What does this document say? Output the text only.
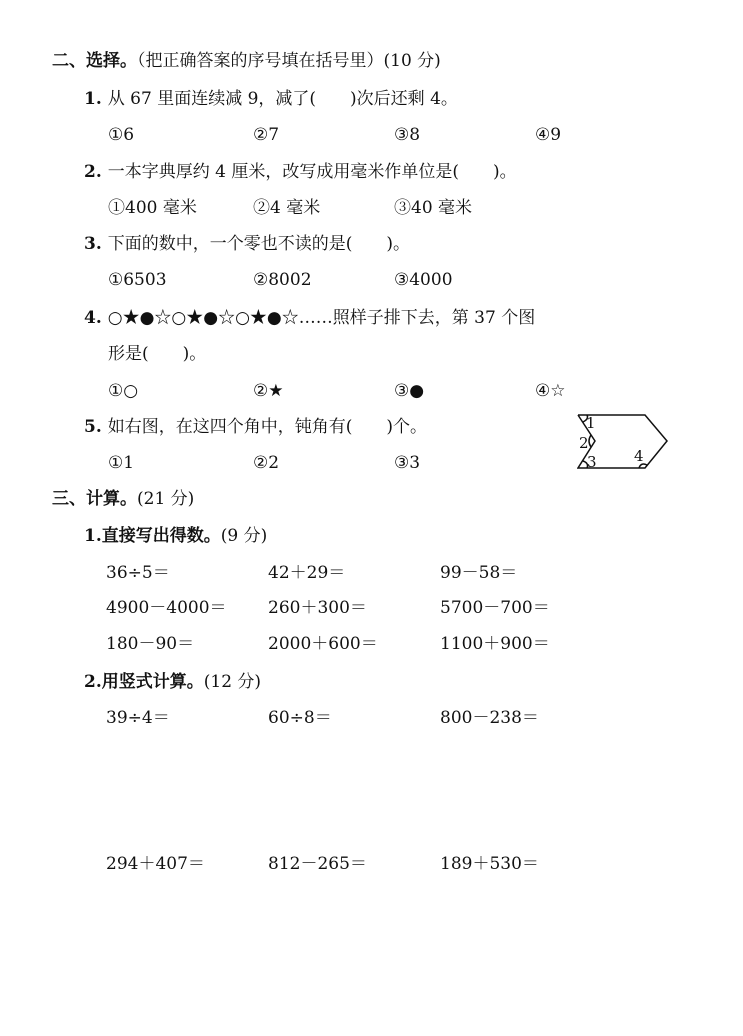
二、选择。（把正确答案的序号填在括号里）(10 分)
1. 从 67 里面连续减 9，减了(　　)次后还剩 4。
①6	②7	③8	④9
2. 一本字典厚约 4 厘米，改写成用毫米作单位是(　　)。
①400 毫米	②4 毫米	③40 毫米
3. 下面的数中，一个零也不读的是(　　)。
①6503	②8002	③4000
4. ○★●☆○★●☆○★●☆……照样子排下去，第 37 个图
形是(　　)。
①○	②★	③●	④☆
5. 如右图，在这四个角中，钝角有(　　)个。
①1	②2	③3
1
2
3 4
三、计算。(21 分)
1.直接写出得数。(9 分)
36÷5＝	42＋29＝	99－58＝
4900－4000＝ 260＋300＝	5700－700＝
180－90＝	2000＋600＝	1100＋900＝
2.用竖式计算。(12 分)
39÷4＝	60÷8＝	800－238＝
294＋407＝	812－265＝	189＋530＝
